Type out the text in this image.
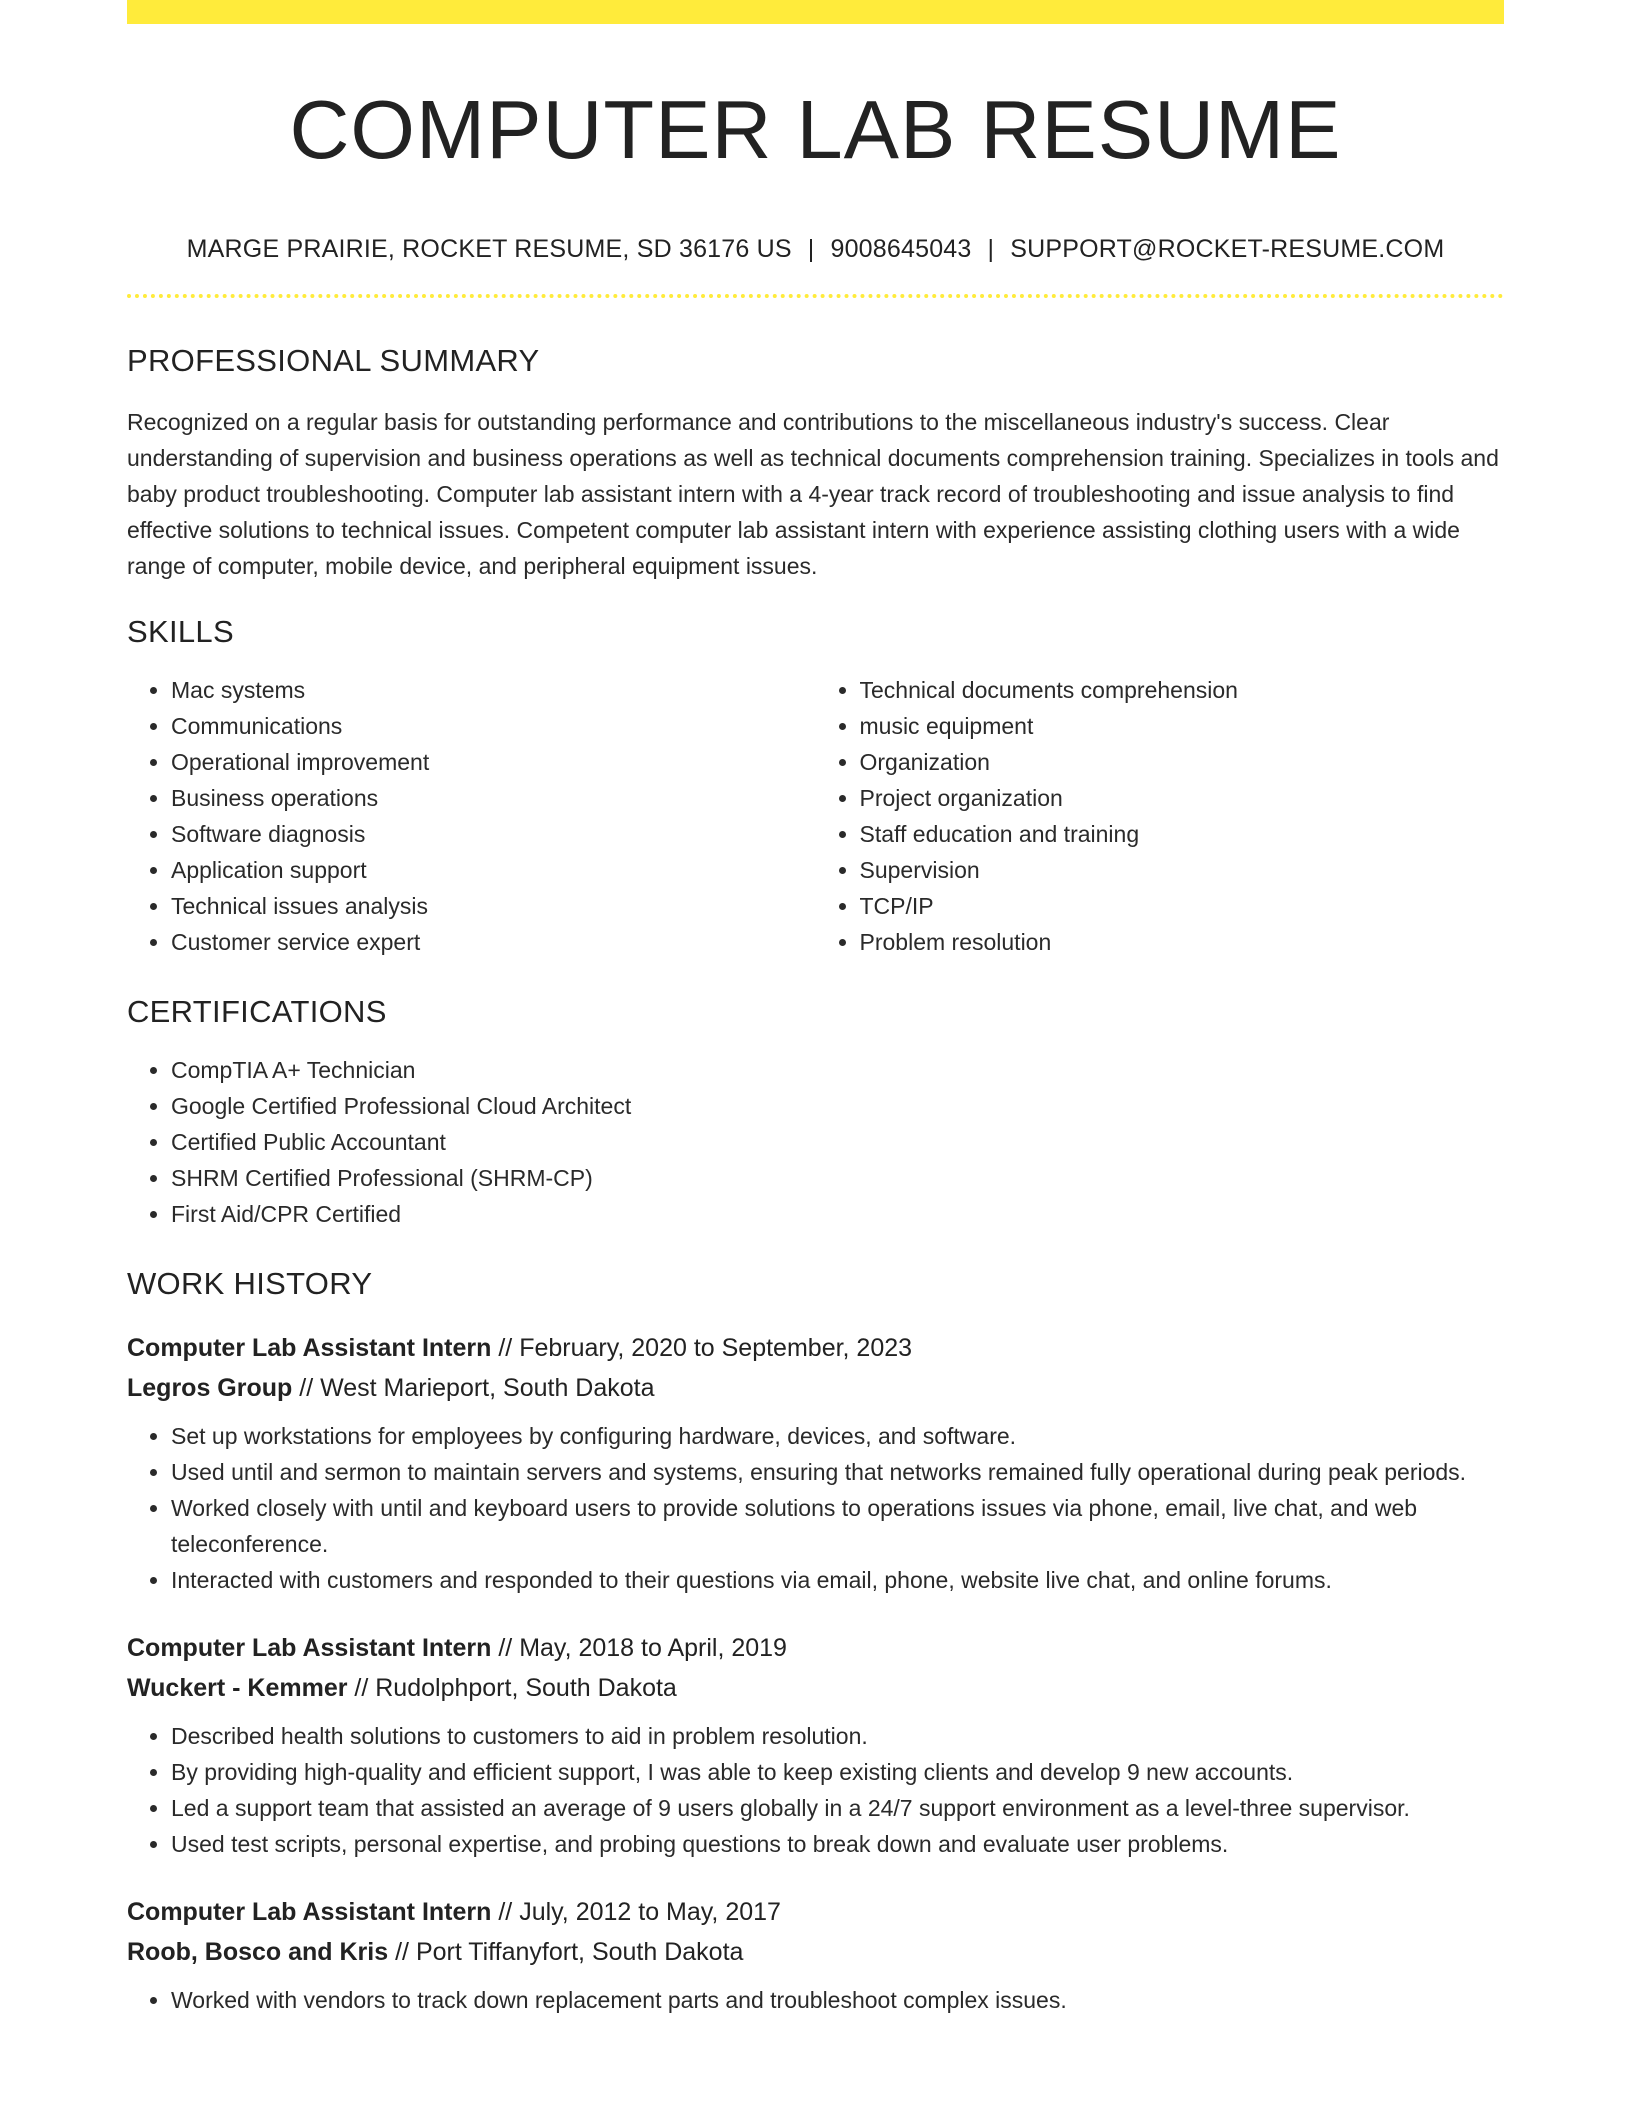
COMPUTER LAB RESUME
MARGE PRAIRIE, ROCKET RESUME, SD 36176 US | 9008645043 | SUPPORT@ROCKET-RESUME.COM
PROFESSIONAL SUMMARY
Recognized on a regular basis for outstanding performance and contributions to the miscellaneous industry's success. Clear understanding of supervision and business operations as well as technical documents comprehension training. Specializes in tools and baby product troubleshooting. Computer lab assistant intern with a 4-year track record of troubleshooting and issue analysis to find effective solutions to technical issues. Competent computer lab assistant intern with experience assisting clothing users with a wide range of computer, mobile device, and peripheral equipment issues.
SKILLS
• Mac systems
• Communications
• Operational improvement
• Business operations
• Software diagnosis
• Application support
• Technical issues analysis
• Customer service expert
• Technical documents comprehension
• music equipment
• Organization
• Project organization
• Staff education and training
• Supervision
• TCP/IP
• Problem resolution
CERTIFICATIONS
• CompTIA A+ Technician
• Google Certified Professional Cloud Architect
• Certified Public Accountant
• SHRM Certified Professional (SHRM-CP)
• First Aid/CPR Certified
WORK HISTORY
Computer Lab Assistant Intern // February, 2020 to September, 2023
Legros Group // West Marieport, South Dakota
• Set up workstations for employees by configuring hardware, devices, and software.
• Used until and sermon to maintain servers and systems, ensuring that networks remained fully operational during peak periods.
• Worked closely with until and keyboard users to provide solutions to operations issues via phone, email, live chat, and web teleconference.
• Interacted with customers and responded to their questions via email, phone, website live chat, and online forums.
Computer Lab Assistant Intern // May, 2018 to April, 2019
Wuckert - Kemmer // Rudolphport, South Dakota
• Described health solutions to customers to aid in problem resolution.
• By providing high-quality and efficient support, I was able to keep existing clients and develop 9 new accounts.
• Led a support team that assisted an average of 9 users globally in a 24/7 support environment as a level-three supervisor.
• Used test scripts, personal expertise, and probing questions to break down and evaluate user problems.
Computer Lab Assistant Intern // July, 2012 to May, 2017
Roob, Bosco and Kris // Port Tiffanyfort, South Dakota
• Worked with vendors to track down replacement parts and troubleshoot complex issues.
